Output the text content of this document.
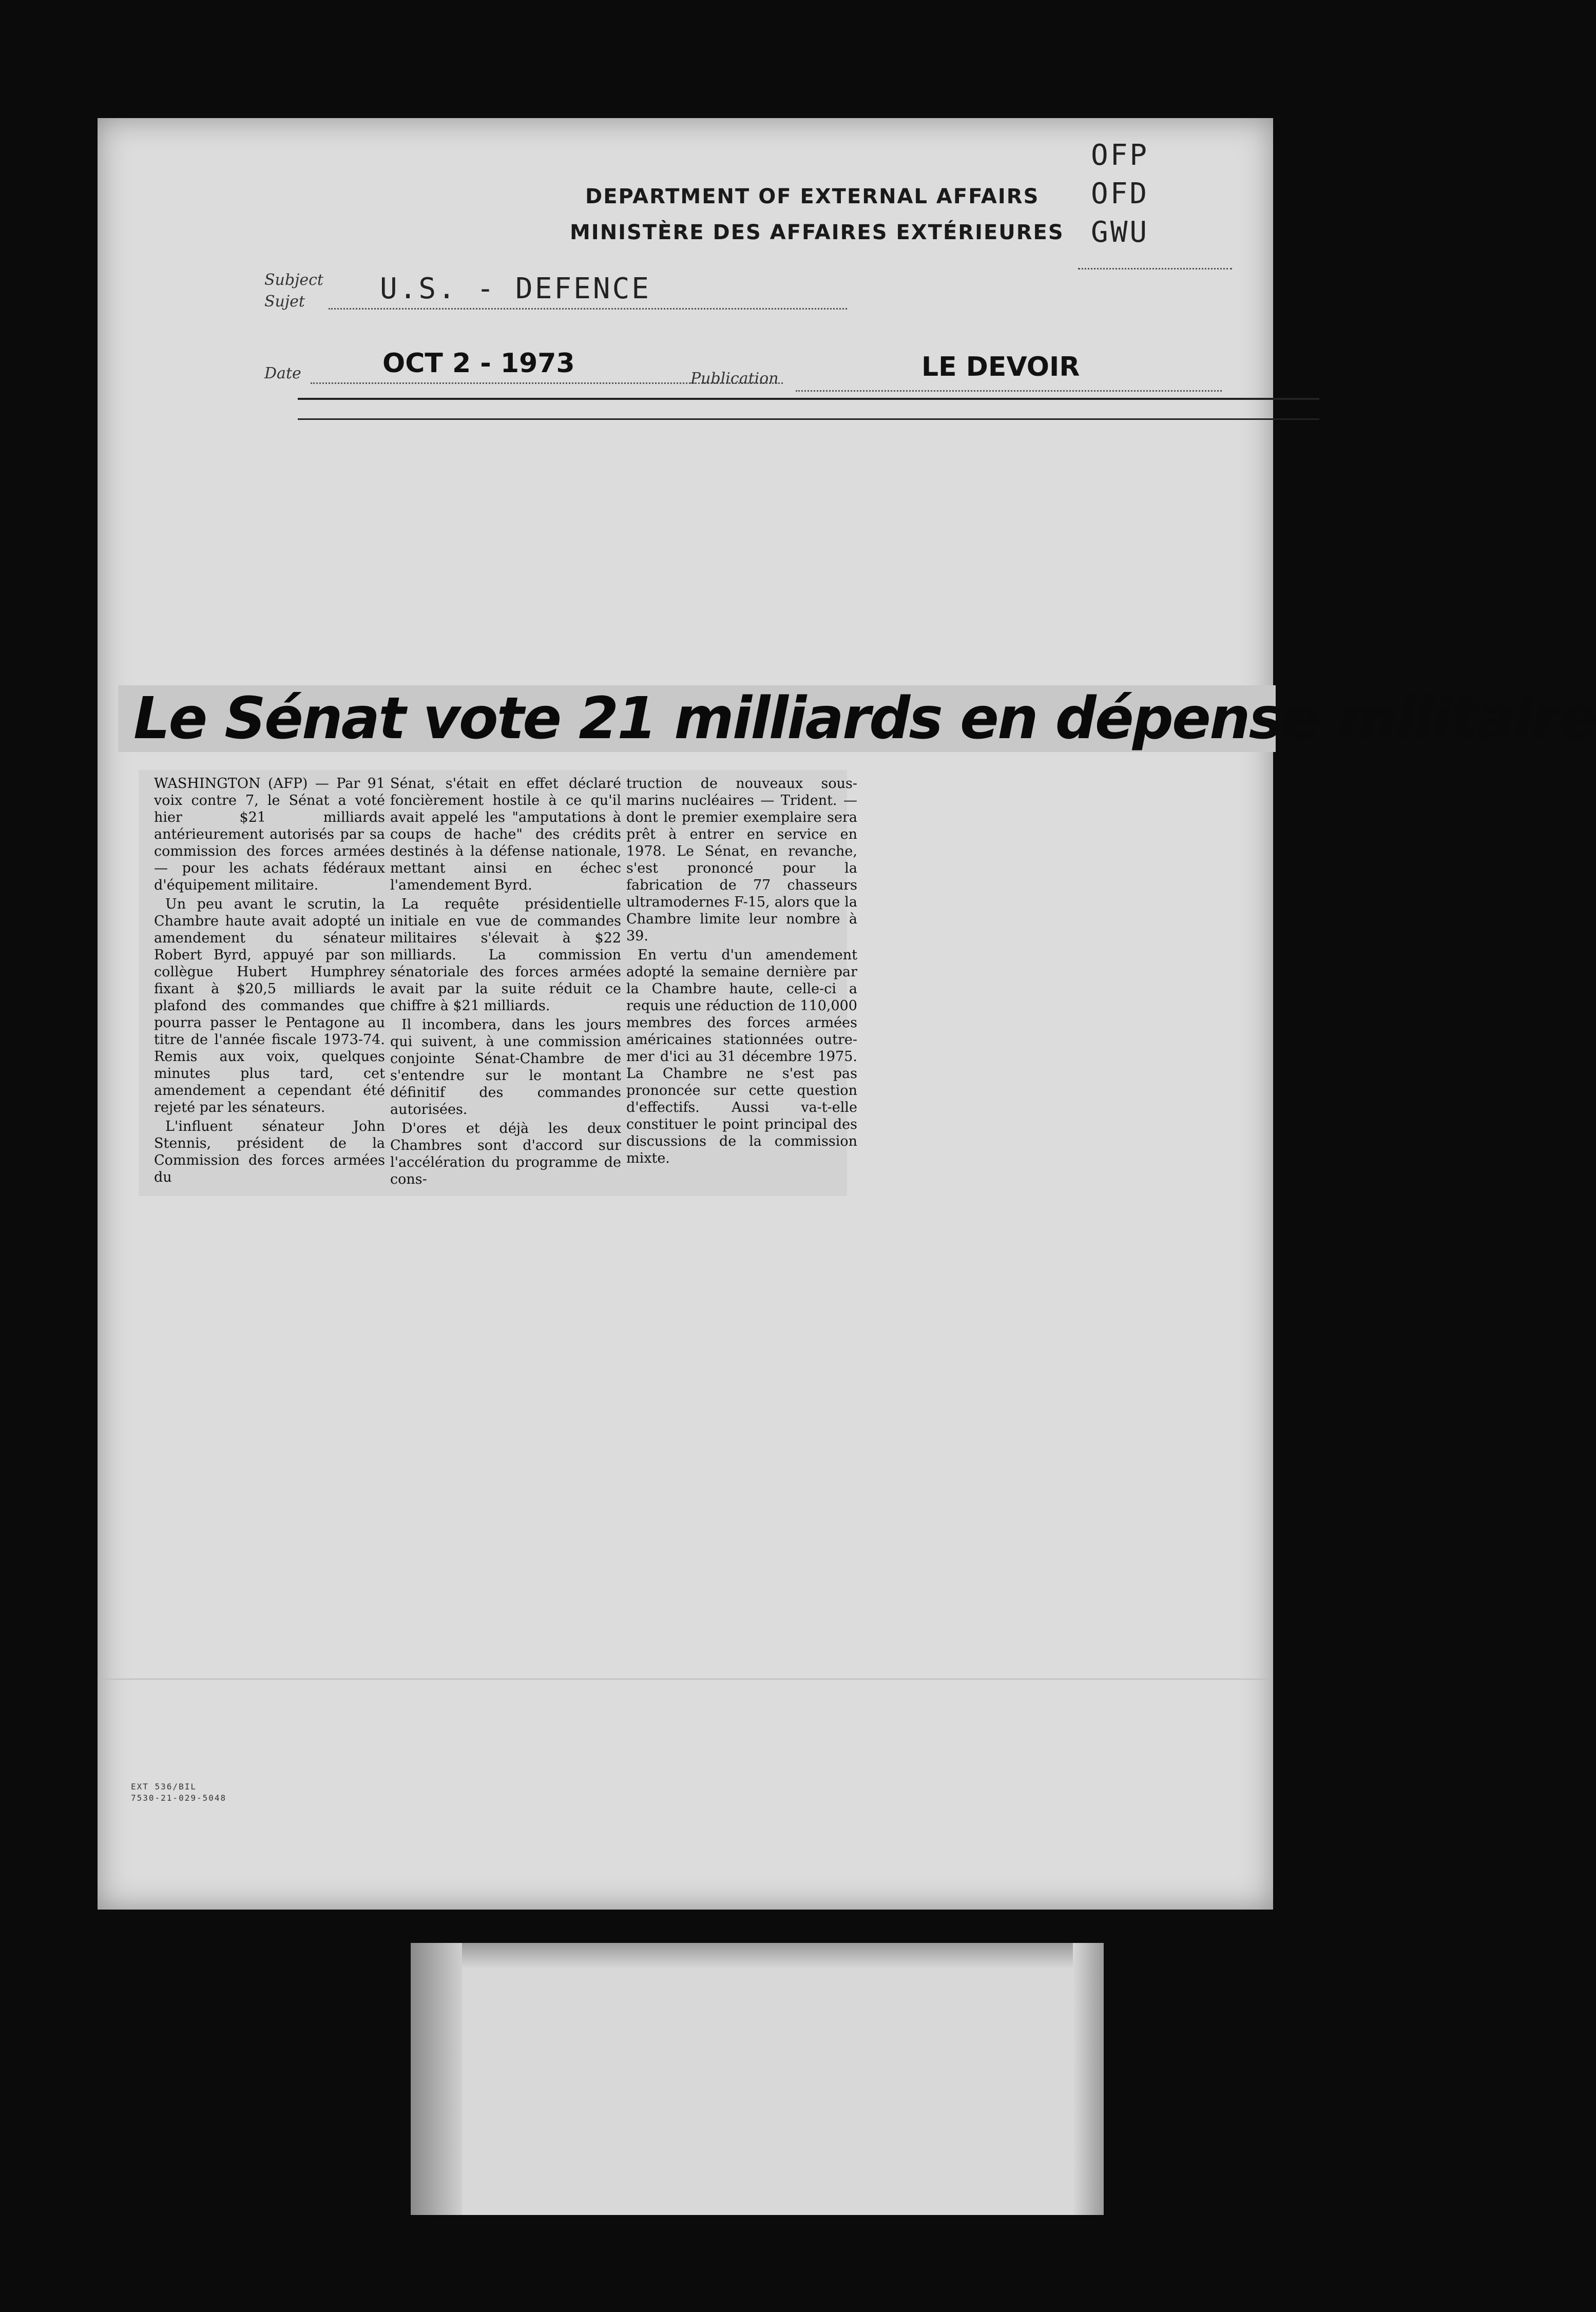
DEPARTMENT OF EXTERNAL AFFAIRS
MINISTÈRE DES AFFAIRES EXTÉRIEURES
OFP
OFD
GWU
Subject
Sujet	U.S. - DEFENCE
Date	OCT 2 - 1973	Publication	LE DEVOIR
Le Sénat vote 21 milliards en dépense militaire

WASHINGTON (AFP) — Par 91 voix contre 7, le Sénat a voté hier $21 milliards antérieurement autorisés par sa commission des forces armées — pour les achats fédéraux d'équipement militaire.

Un peu avant le scrutin, la Chambre haute avait adopté un amendement du sénateur Robert Byrd, appuyé par son collègue Hubert Humphrey fixant à $20,5 milliards le plafond des commandes que pourra passer le Pentagone au titre de l'année fiscale 1973-74. Remis aux voix, quelques minutes plus tard, cet amendement a cependant été rejeté par les sénateurs.

L'influent sénateur John Stennis, président de la Commission des forces armées du

Sénat, s'était en effet déclaré foncièrement hostile à ce qu'il avait appelé les "amputations à coups de hache" des crédits destinés à la défense nationale, mettant ainsi en échec l'amendement Byrd.

La requête présidentielle initiale en vue de commandes militaires s'élevait à $22 milliards. La commission sénatoriale des forces armées avait par la suite réduit ce chiffre à $21 milliards.

Il incombera, dans les jours qui suivent, à une commission conjointe Sénat-Chambre de s'entendre sur le montant définitif des commandes autorisées.

D'ores et déjà les deux Chambres sont d'accord sur l'accélération du programme de cons-

truction de nouveaux sous-marins nucléaires — Trident. — dont le premier exemplaire sera prêt à entrer en service en 1978. Le Sénat, en revanche, s'est prononcé pour la fabrication de 77 chasseurs ultramodernes F-15, alors que la Chambre limite leur nombre à 39.

En vertu d'un amendement adopté la semaine dernière par la Chambre haute, celle-ci a requis une réduction de 110,000 membres des forces armées américaines stationnées outre-mer d'ici au 31 décembre 1975. La Chambre ne s'est pas prononcée sur cette question d'effectifs. Aussi va-t-elle constituer le point principal des discussions de la commission mixte.

EXT 536/BIL
7530-21-029-5048
